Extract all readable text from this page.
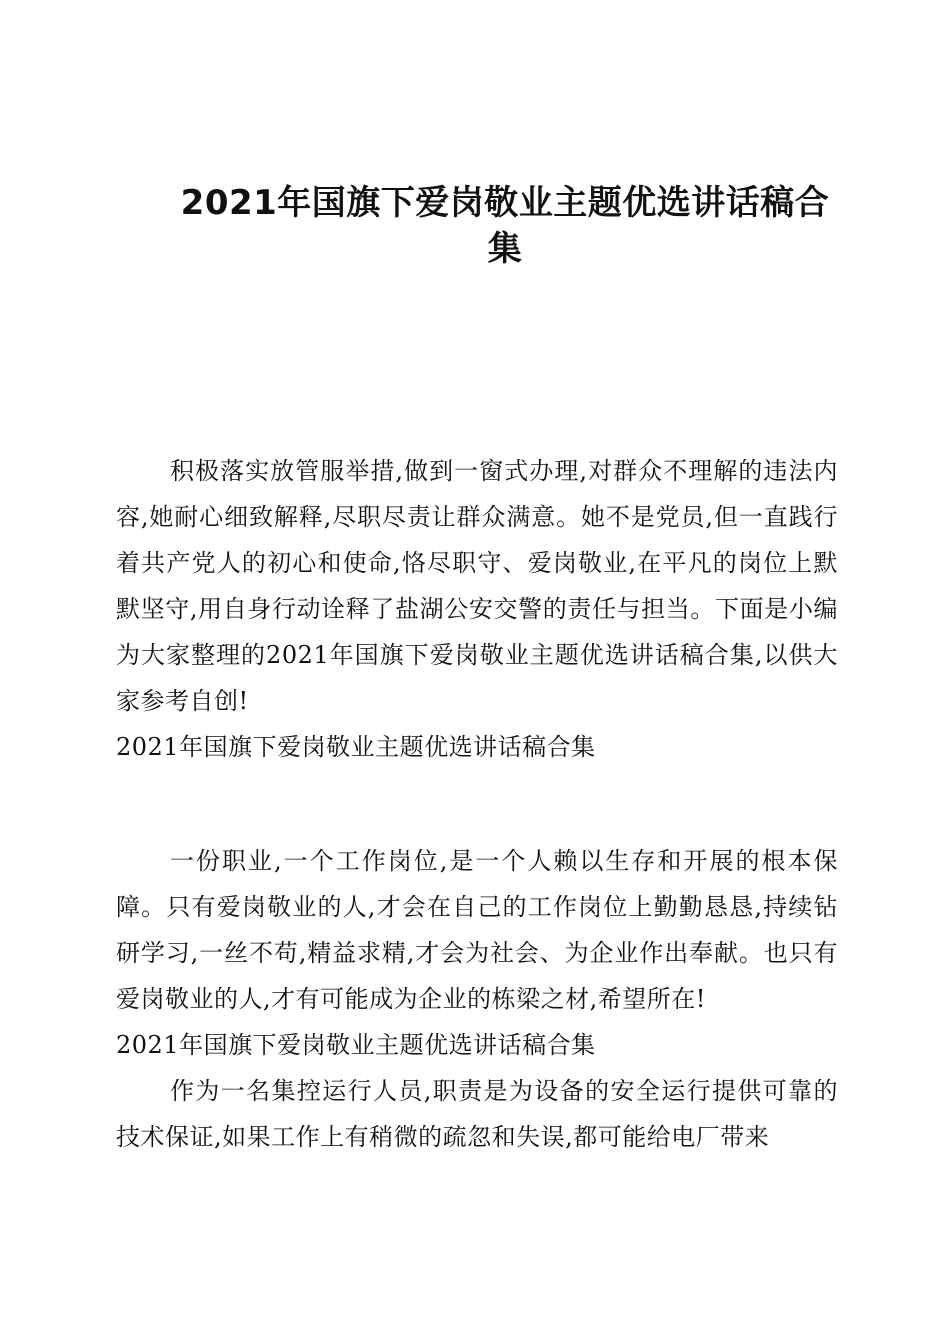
2021年国旗下爱岗敬业主题优选讲话稿合集

积极落实放管服举措,做到一窗式办理,对群众不理解的违法内容,她耐心细致解释,尽职尽责让群众满意。她不是党员,但一直践行着共产党人的初心和使命,恪尽职守、爱岗敬业,在平凡的岗位上默默坚守,用自身行动诠释了盐湖公安交警的责任与担当。下面是小编为大家整理的2021年国旗下爱岗敬业主题优选讲话稿合集,以供大家参考自创!

2021年国旗下爱岗敬业主题优选讲话稿合集

一份职业,一个工作岗位,是一个人赖以生存和开展的根本保障。只有爱岗敬业的人,才会在自己的工作岗位上勤勤恳恳,持续钻研学习,一丝不苟,精益求精,才会为社会、为企业作出奉献。也只有爱岗敬业的人,才有可能成为企业的栋梁之材,希望所在!

2021年国旗下爱岗敬业主题优选讲话稿合集

作为一名集控运行人员,职责是为设备的安全运行提供可靠的技术保证,如果工作上有稍微的疏忽和失误,都可能给电厂带来
